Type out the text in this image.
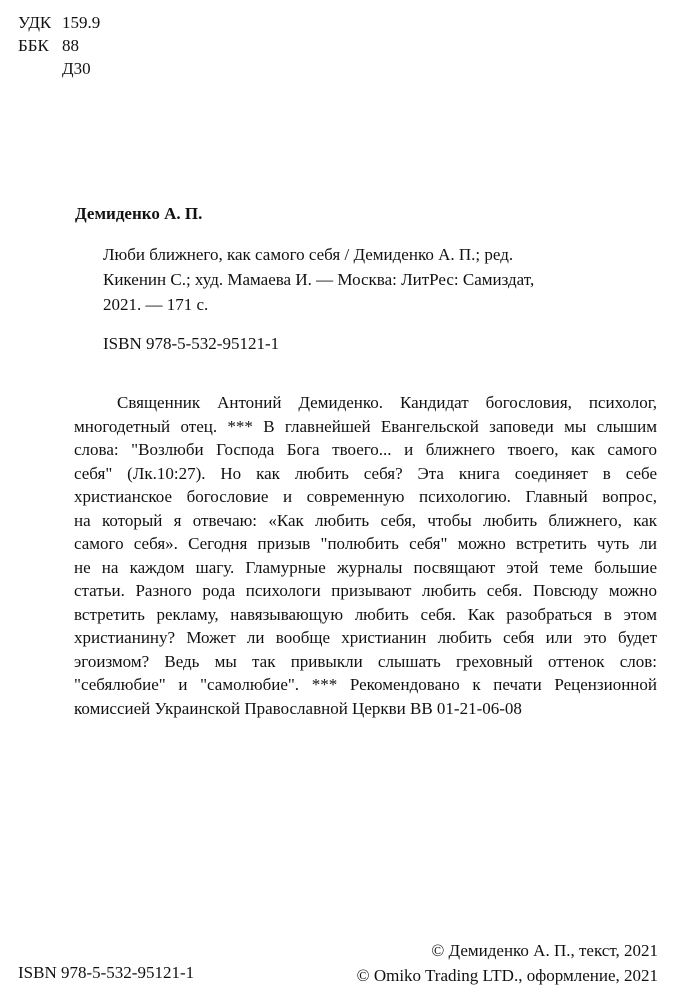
УДК 159.9
ББК 88
Д30
Демиденко А. П.
Люби ближнего, как самого себя / Демиденко А. П.; ред.
Кикенин С.; худ. Мамаева И. — Москва: ЛитРес: Самиздат,
2021. — 171 с.
ISBN 978-5-532-95121-1
Священник Антоний Демиденко. Кандидат богословия, психолог,
многодетный отец. *** В главнейшей Евангельской заповеди мы слышим
слова: "Возлюби Господа Бога твоего... и ближнего твоего, как самого
себя" (Лк.10:27). Но как любить себя? Эта книга соединяет в себе
христианское богословие и современную психологию. Главный вопрос,
на который я отвечаю: «Как любить себя, чтобы любить ближнего, как
самого себя». Сегодня призыв "полюбить себя" можно встретить чуть ли
не на каждом шагу. Гламурные журналы посвящают этой теме большие
статьи. Разного рода психологи призывают любить себя. Повсюду можно
встретить рекламу, навязывающую любить себя. Как разобраться в этом
христианину? Может ли вообще христианин любить себя или это будет
эгоизмом? Ведь мы так привыкли слышать греховный оттенок слов:
"себялюбие" и "самолюбие". *** Рекомендовано к печати Рецензионной
комиссией Украинской Православной Церкви ВВ 01-21-06-08
ISBN 978-5-532-95121-1
© Демиденко А. П., текст, 2021
© Omiko Trading LTD., оформление, 2021
